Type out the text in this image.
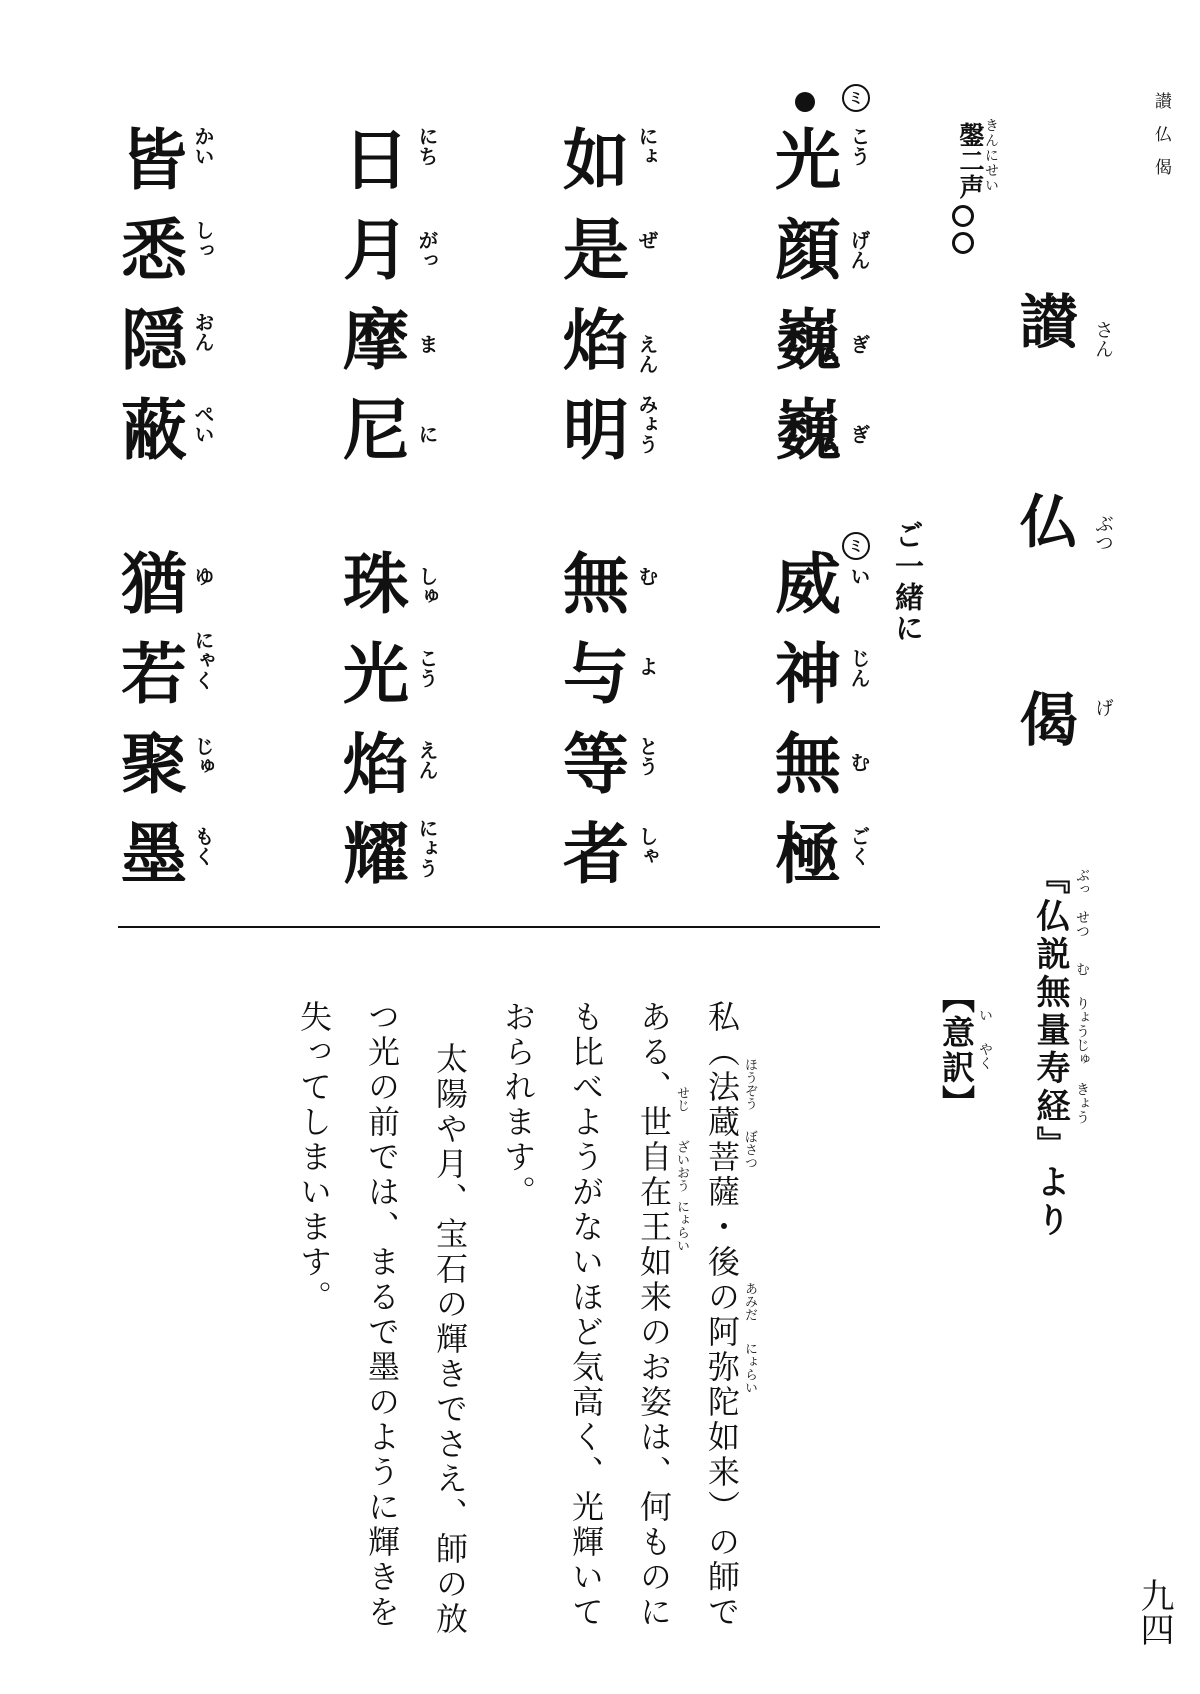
讃仏偈
讃 さん
仏 ぶつ
偈 げ
『仏説無量寿経』より ぶっ
せつ
む
りょうじゅ
きょう
きんにせい
鏧二声
ミ
ミ ご一緒に
光
顔
巍
巍
こう
げん
ぎ
ぎ
威
神
無
極
い
じん
む
ごく
如
是
焰
明
にょ
ぜ
えん
みょう
無
与
等
者
む
よ
とう
しゃ
日
月
摩
尼
にち
がっ
ま
に
珠
光
焰
耀
しゅ
こう
えん
にょう
皆
悉
隠
蔽
かい
しっ
おん
ぺい
猶
若
聚
墨
ゆ
にゃく
じゅ
もく
【意訳】 い
やく
私（法蔵菩薩・後の阿弥陀如来）の師で
ある、世自在王如来のお姿は、何ものに
も比べようがないほど気高く、光輝いて
おられます。
太陽や月、宝石の輝きでさえ、師の放
つ光の前では、まるで墨のように輝きを
失ってしまいます。	ほうぞう
ぼさつ
あみだ
にょらい
せじ
ざいおう
にょらい
九四
